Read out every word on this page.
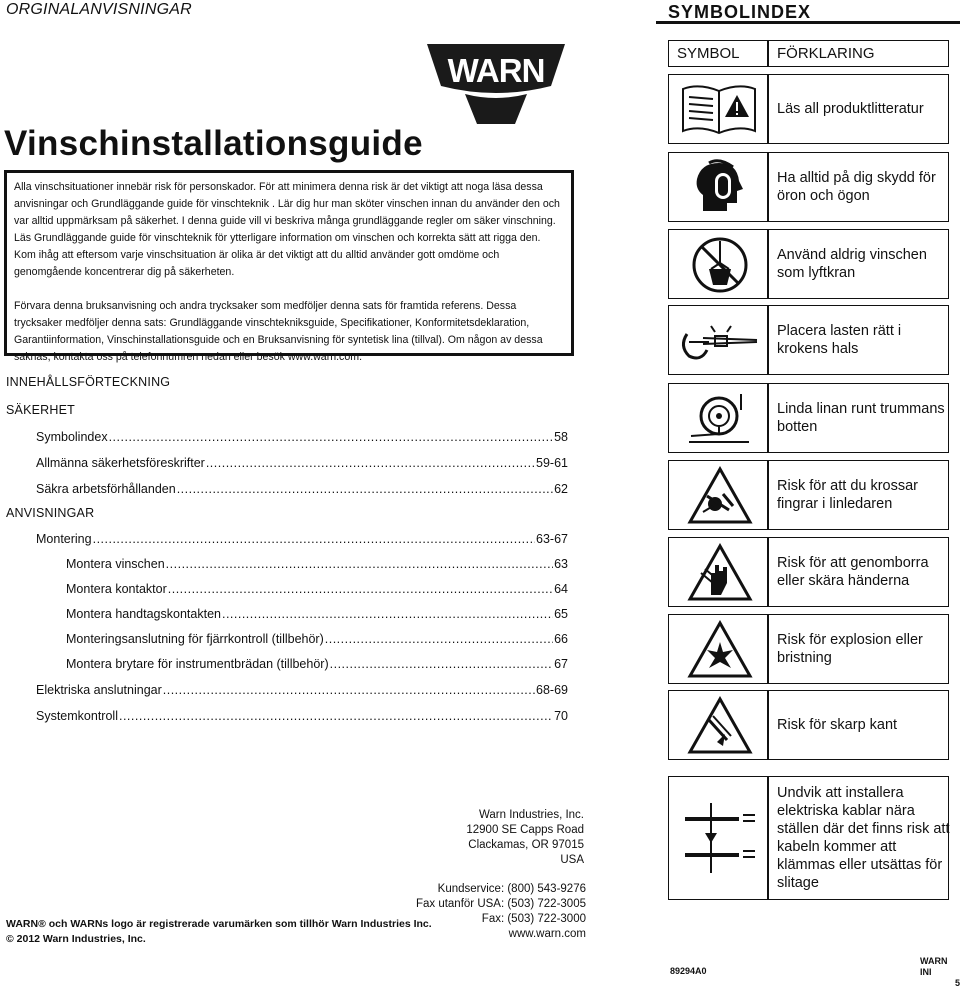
ORGINALANVISNINGAR
WARN
Vinschinstallationsguide

Alla vinschsituationer innebär risk för personskador. För att minimera denna risk är det viktigt att noga läsa dessa anvisningar och Grundläggande guide för vinschteknik . Lär dig hur man sköter vinschen innan du använder den och var alltid uppmärksam på säkerhet. I denna guide vill vi beskriva många grundläggande regler om säker vinschning. Läs Grundläggande guide för vinschteknik för ytterligare information om vinschen och korrekta sätt att rigga den. Kom ihåg att eftersom varje vinschsituation är olika är det viktigt att du alltid använder gott omdöme och genomgående koncentrerar dig på säkerheten.

Förvara denna bruksanvisning och andra trycksaker som medföljer denna sats för framtida referens. Dessa trycksaker medföljer denna sats: Grundläggande vinschtekniksguide, Specifikationer, Konformitetsdeklaration, Garantiinformation, Vinschinstallationsguide och en Bruksanvisning för syntetisk lina (tillval). Om någon av dessa saknas, kontakta oss på telefonnumren nedan eller besök www.warn.com.

INNEHÅLLSFÖRTECKNING
SÄKERHET
Symbolindex .....	58
Allmänna säkerhetsföreskrifter .....	59-61
Säkra arbetsförhållanden .....	62
ANVISNINGAR
Montering .....	63-67
Montera vinschen .....	63
Montera kontaktor .....	64
Montera handtagskontakten .....	65
Monteringsanslutning för fjärrkontroll (tillbehör) .....	66
Montera brytare för instrumentbrädan (tillbehör) .....	67
Elektriska anslutningar .....	68-69
Systemkontroll .....	70
Warn Industries, Inc.
12900 SE Capps Road
Clackamas, OR 97015
USA
Kundservice: (800) 543-9276
Fax utanför USA: (503) 722-3005
Fax: (503) 722-3000
www.warn.com
WARN® och WARNs logo är registrerade varumärken som tillhör Warn Industries Inc.
© 2012 Warn Industries, Inc.
89294A0
WARN INI
5
SYMBOLINDEX
SYMBOL	FÖRKLARING
Läs all produktlitteratur
Ha alltid på dig skydd för öron och ögon
Använd aldrig vinschen som lyftkran
Placera lasten rätt i krokens hals
Linda linan runt trummans botten
Risk för att du krossar fingrar i linledaren
Risk för att genomborra eller skära händerna
Risk för explosion eller bristning
Risk för skarp kant
Undvik att installera elektriska kablar nära ställen där det finns risk att kabeln kommer att klämmas eller utsättas för slitage
